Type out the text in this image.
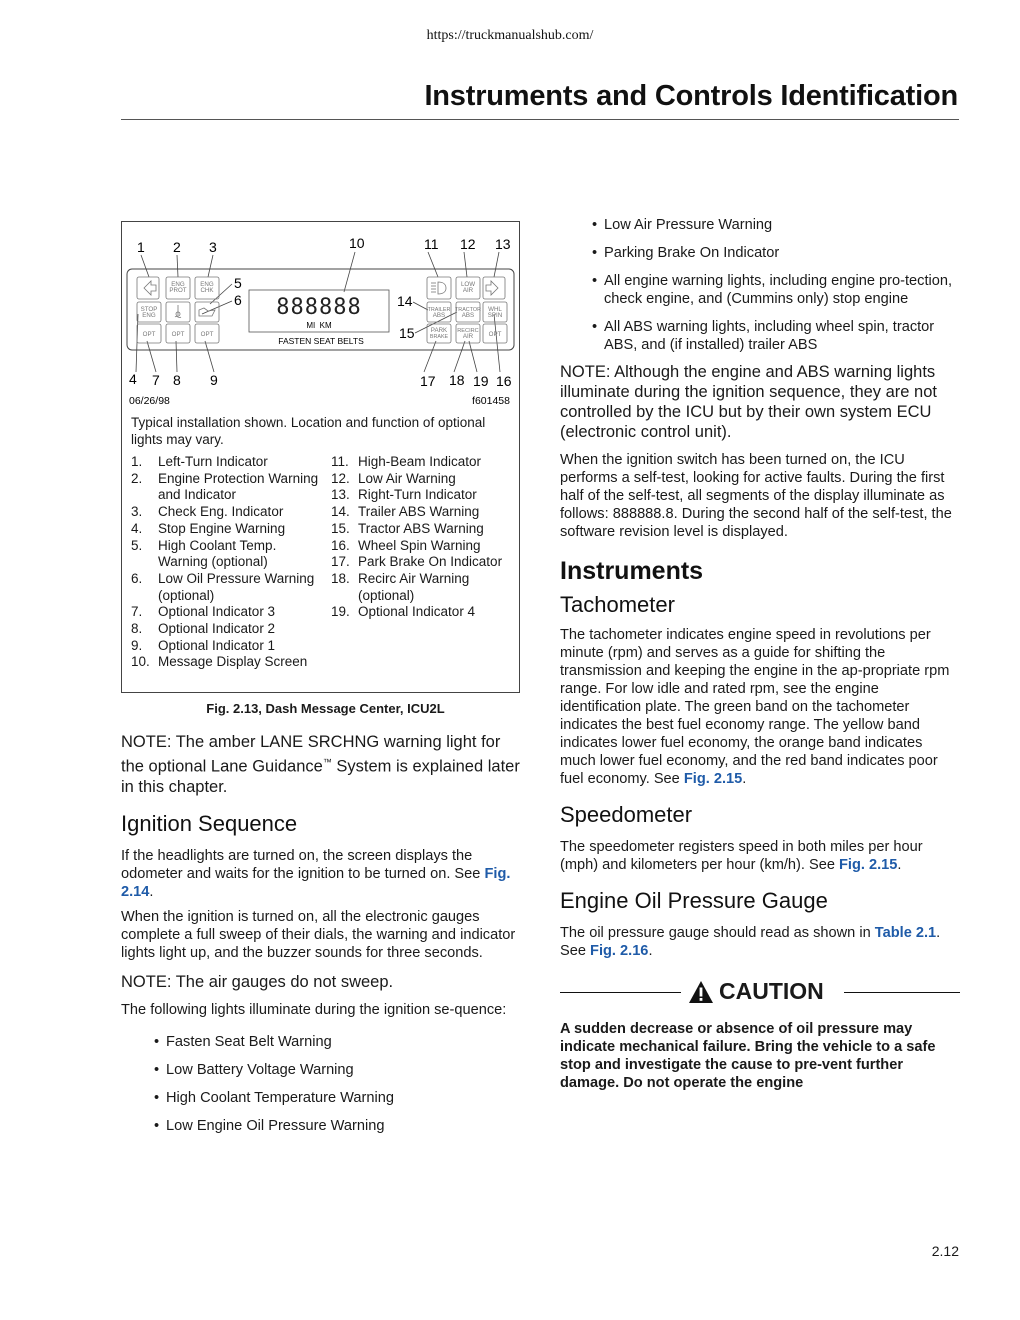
https://truckmanualshub.com/
Instruments and Controls Identification
1 2 3	10	11 12 13
5
6	14
15
4 7 8 9	17 18 19 16
ENG
PROT
ENG
CHK
STOP
ENG
OPT	OPT	OPT
LOW
AIR
TRAILER
ABS
TRACTOR
ABS
WHL
SPIN
PARK
BRAKE
RECIRC
AIR OPT
888888
MI  KM
FASTEN SEAT BELTS
06/26/98	f601458
Typical installation shown. Location and function of optional lights may vary.
1. Left-Turn Indicator
2. Engine Protection Warning and Indicator
3. Check Eng. Indicator
4. Stop Engine Warning
5. High Coolant Temp. Warning (optional)
6. Low Oil Pressure Warning (optional)
7. Optional Indicator 3
8. Optional Indicator 2
9. Optional Indicator 1
10. Message Display Screen
11. High-Beam Indicator
12. Low Air Warning
13. Right-Turn Indicator
14. Trailer ABS Warning
15. Tractor ABS Warning
16. Wheel Spin Warning
17. Park Brake On Indicator
18. Recirc Air Warning (optional)
19. Optional Indicator 4

Fig. 2.13, Dash Message Center, ICU2L

NOTE: The amber LANE SRCHNG warning light for the optional Lane Guidance™ System is explained later in this chapter.

Ignition Sequence

If the headlights are turned on, the screen displays the odometer and waits for the ignition to be turned on. See Fig. 2.14.

When the ignition is turned on, all the electronic gauges complete a full sweep of their dials, the warning and indicator lights light up, and the buzzer sounds for three seconds.

NOTE: The air gauges do not sweep.

The following lights illuminate during the ignition se-quence:

• Fasten Seat Belt Warning
• Low Battery Voltage Warning
• High Coolant Temperature Warning
• Low Engine Oil Pressure Warning
• Low Air Pressure Warning
• Parking Brake On Indicator
• All engine warning lights, including engine pro-tection, check engine, and (Cummins only) stop engine
• All ABS warning lights, including wheel spin, tractor ABS, and (if installed) trailer ABS

NOTE: Although the engine and ABS warning lights illuminate during the ignition sequence, they are not controlled by the ICU but by their own system ECU (electronic control unit).

When the ignition switch has been turned on, the ICU performs a self-test, looking for active faults. During the first half of the self-test, all segments of the display illuminate as follows: 888888.8. During the second half of the self-test, the software revision level is displayed.

Instruments
Tachometer

The tachometer indicates engine speed in revolutions per minute (rpm) and serves as a guide for shifting the transmission and keeping the engine in the ap-propriate rpm range. For low idle and rated rpm, see the engine identification plate. The green band on the tachometer indicates the best fuel economy range. The yellow band indicates lower fuel economy, the orange band indicates much lower fuel economy, and the red band indicates poor fuel economy. See Fig. 2.15.

Speedometer

The speedometer registers speed in both miles per hour (mph) and kilometers per hour (km/h). See Fig. 2.15.

Engine Oil Pressure Gauge

The oil pressure gauge should read as shown in Table 2.1. See Fig. 2.16.

CAUTION

A sudden decrease or absence of oil pressure may indicate mechanical failure. Bring the vehicle to a safe stop and investigate the cause to pre-vent further damage. Do not operate the engine

2.12
